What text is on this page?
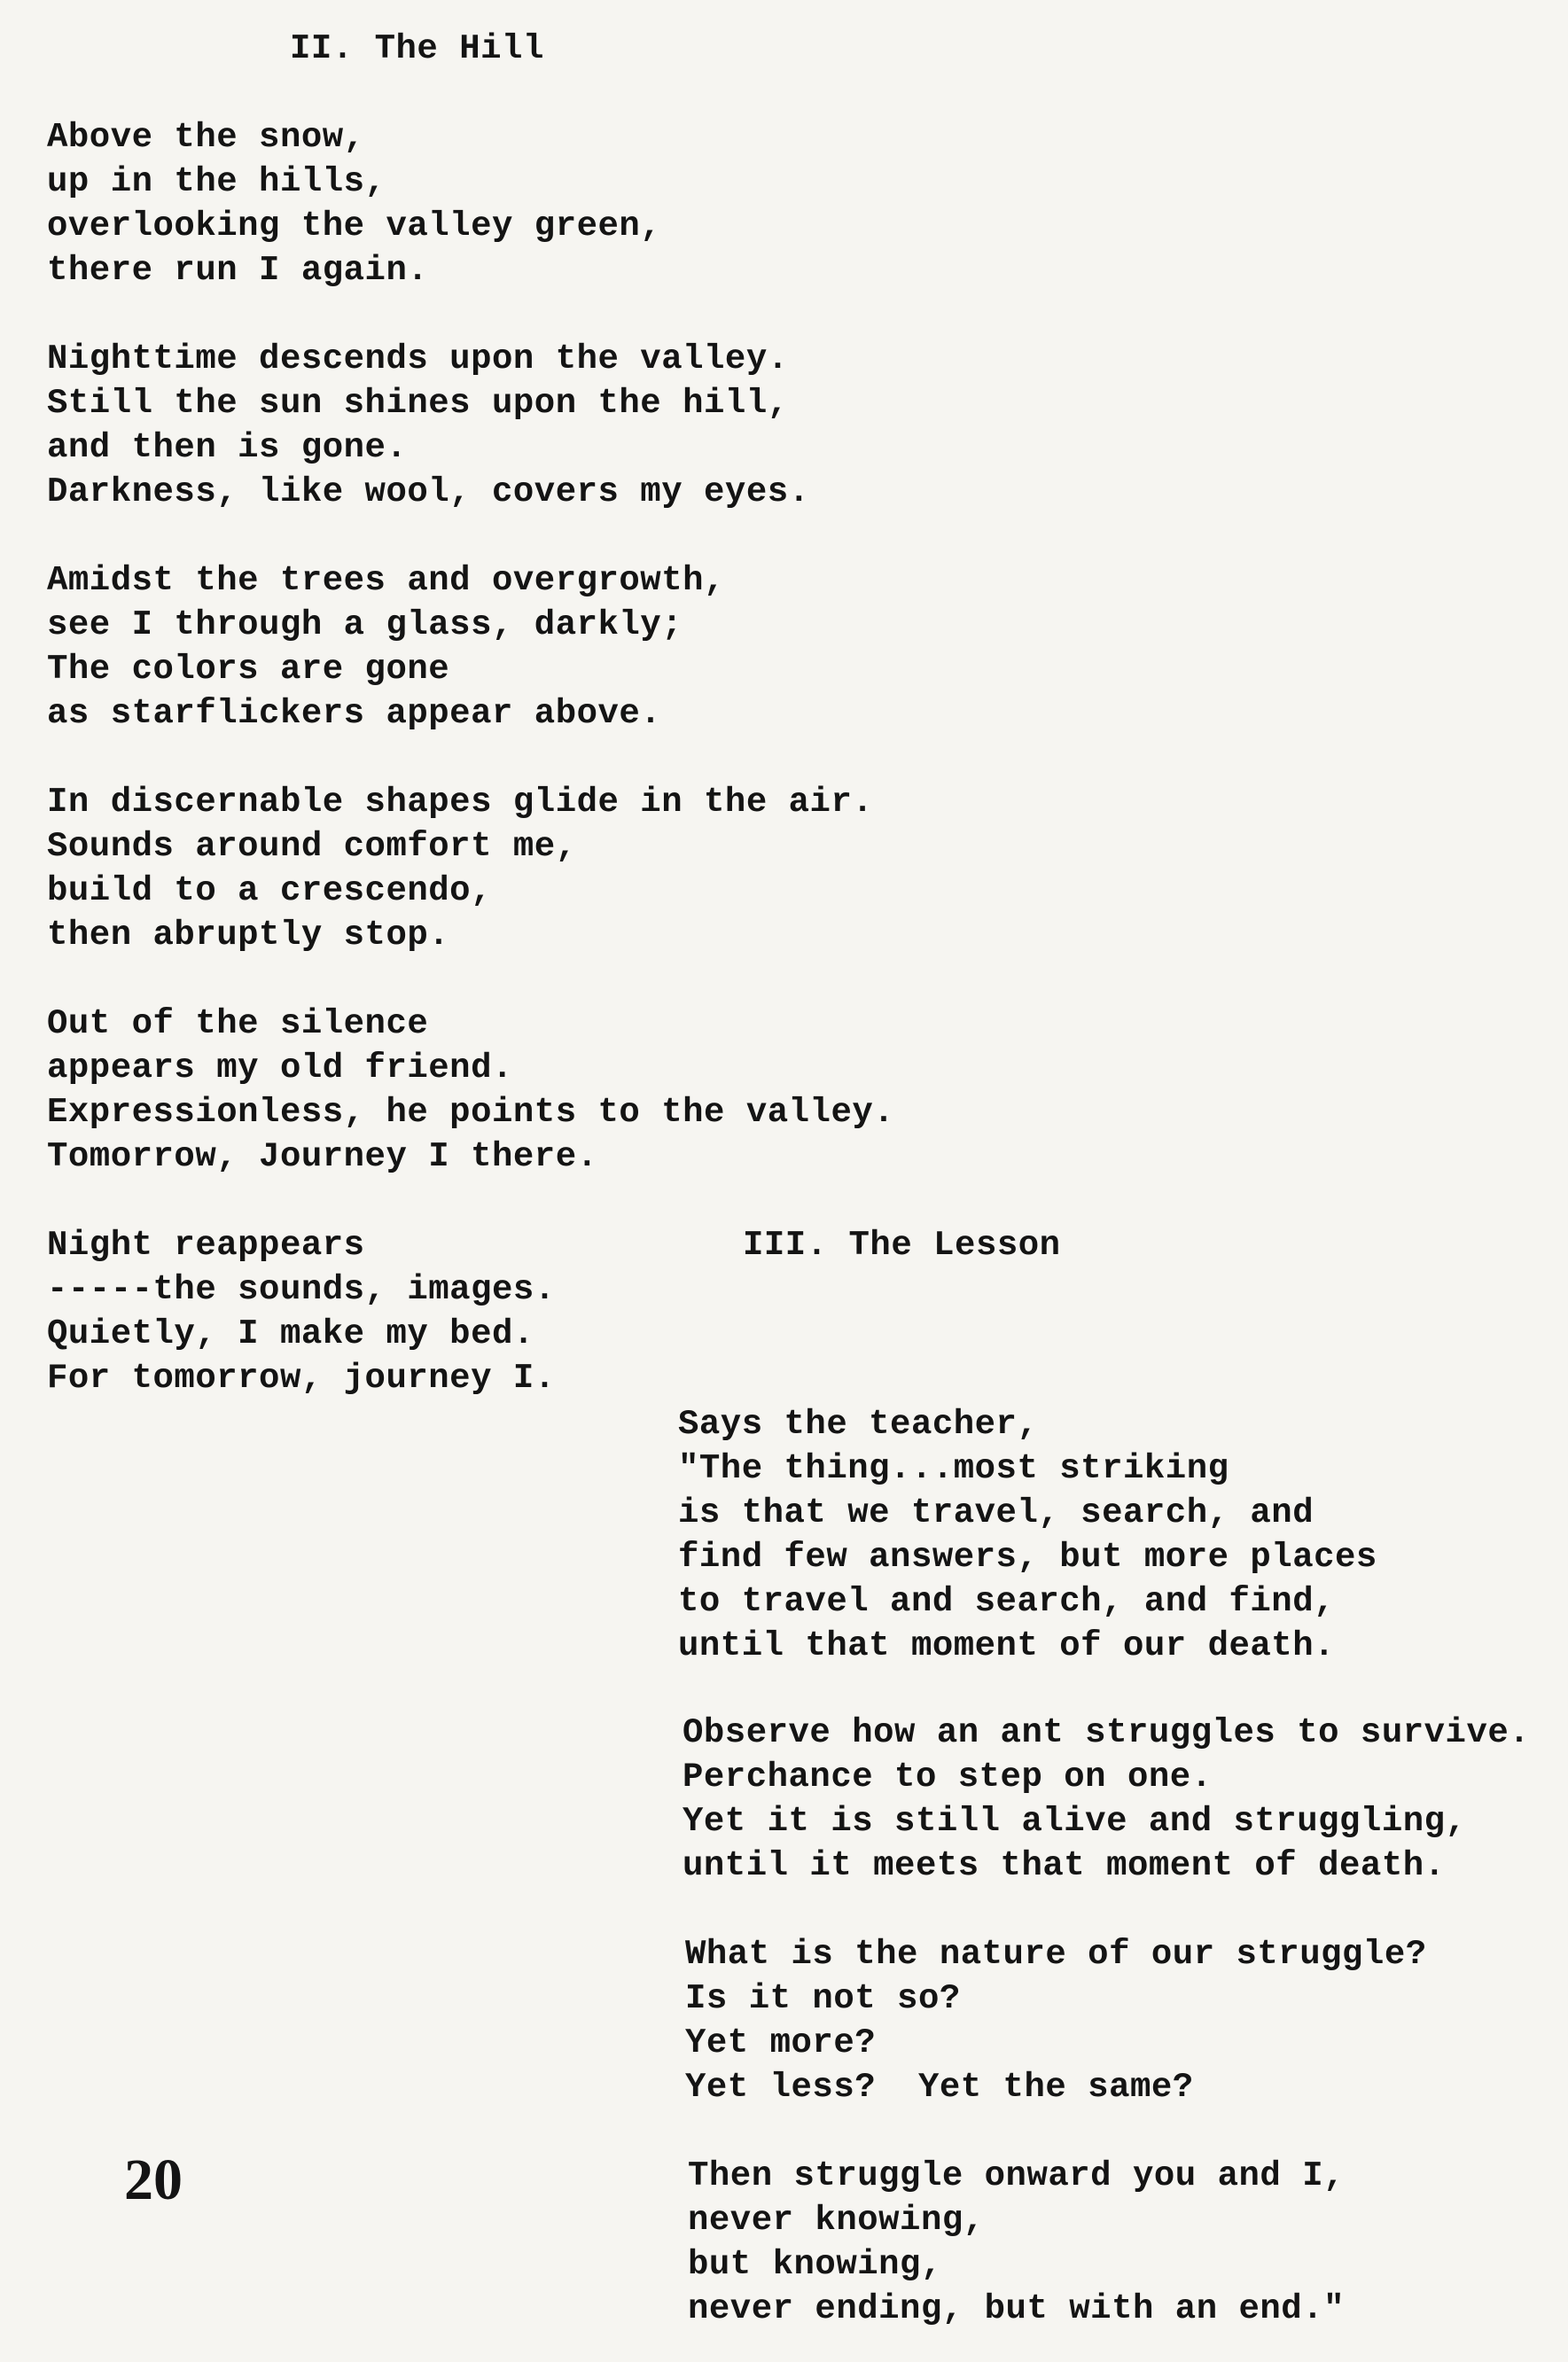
II. The Hill
Above the snow,
up in the hills,
overlooking the valley green,
there run I again.
Nighttime descends upon the valley.
Still the sun shines upon the hill,
and then is gone.
Darkness, like wool, covers my eyes.
Amidst the trees and overgrowth,
see I through a glass, darkly;
The colors are gone
as starflickers appear above.
In discernable shapes glide in the air.
Sounds around comfort me,
build to a crescendo,
then abruptly stop.
Out of the silence
appears my old friend.
Expressionless, he points to the valley.
Tomorrow, Journey I there.
Night reappears
-----the sounds, images.
Quietly, I make my bed.
For tomorrow, journey I.
III. The Lesson
Says the teacher,
"The thing...most striking
is that we travel, search, and
find few answers, but more places
to travel and search, and find,
until that moment of our death.
Observe how an ant struggles to survive.
Perchance to step on one.
Yet it is still alive and struggling,
until it meets that moment of death.
What is the nature of our struggle?
Is it not so?
Yet more?
Yet less?  Yet the same?
Then struggle onward you and I,
never knowing,
but knowing,
never ending, but with an end."
20
